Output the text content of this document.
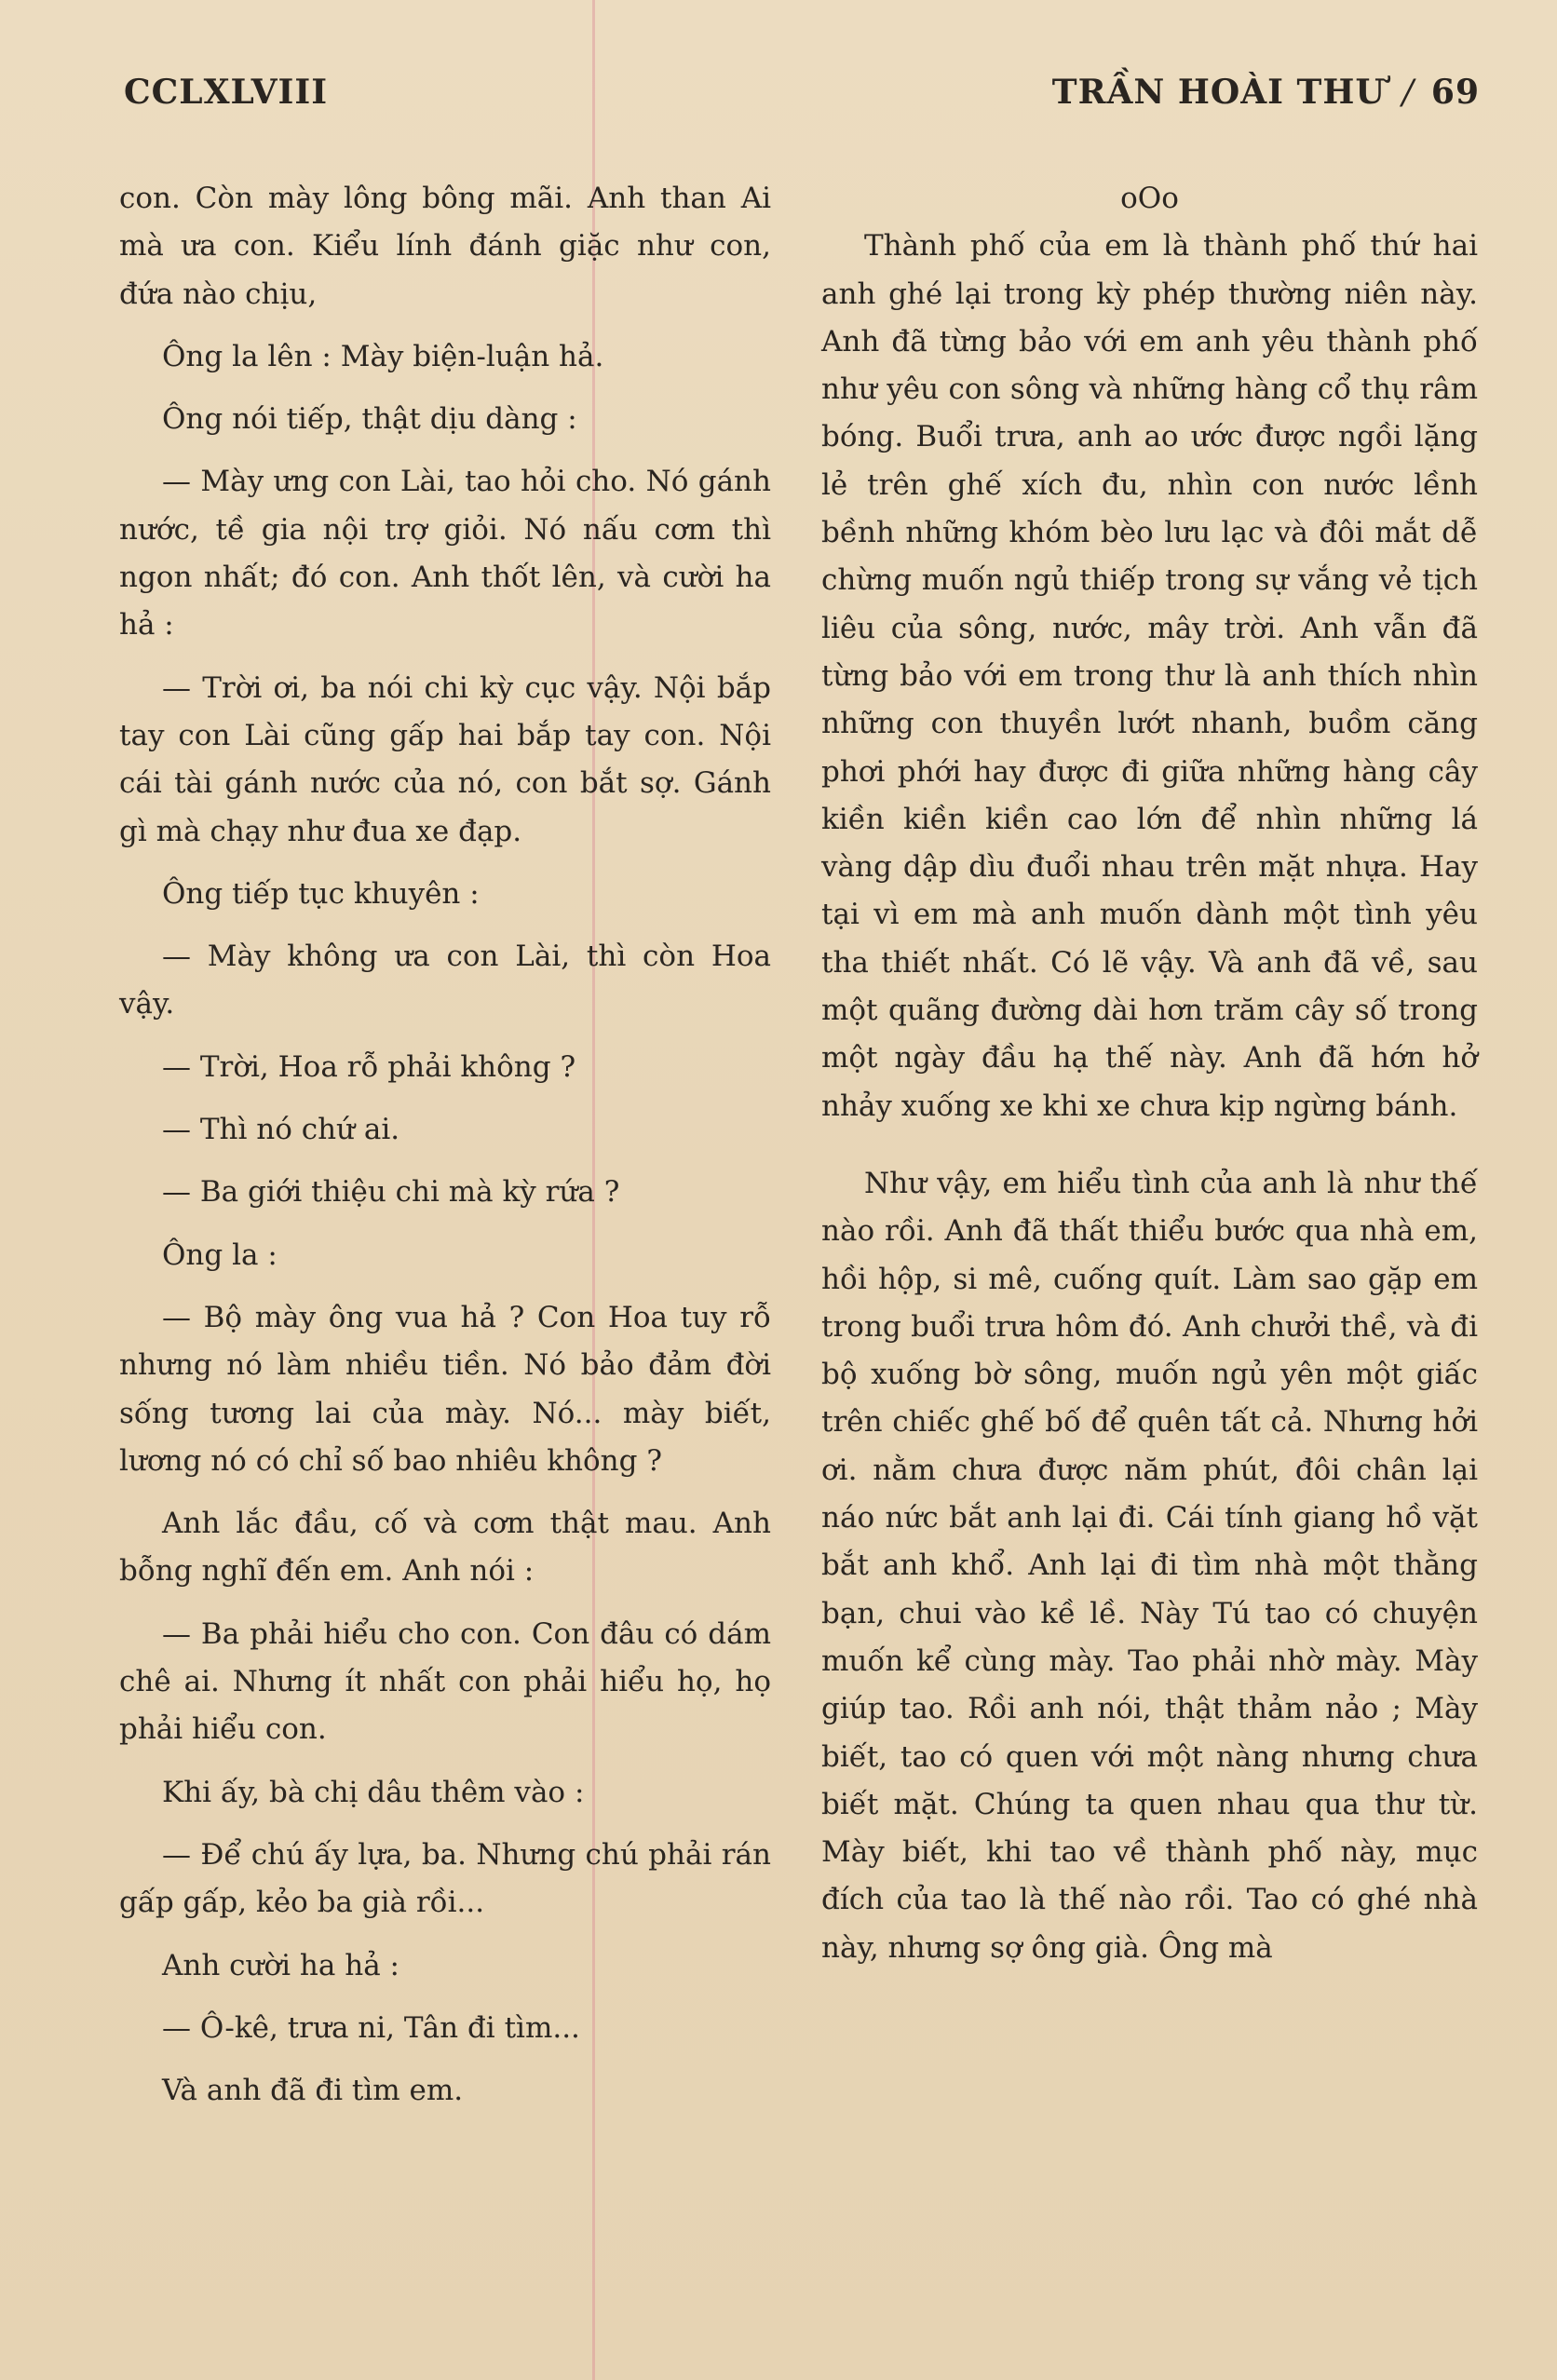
CCLXLVIII	TRẦN HOÀI THƯ / 69

con. Còn mày lông bông mãi. Anh than Ai mà ưa con. Kiểu lính đánh giặc như con, đứa nào chịu,

Ông la lên : Mày biện-luận hả.

Ông nói tiếp, thật dịu dàng :

— Mày ưng con Lài, tao hỏi cho. Nó gánh nước, tề gia nội trợ giỏi. Nó nấu cơm thì ngon nhất; đó con. Anh thốt lên, và cười ha hả :

— Trời ơi, ba nói chi kỳ cục vậy. Nội bắp tay con Lài cũng gấp hai bắp tay con. Nội cái tài gánh nước của nó, con bắt sợ. Gánh gì mà chạy như đua xe đạp.

Ông tiếp tục khuyên :

— Mày không ưa con Lài, thì còn Hoa vậy.

— Trời, Hoa rỗ phải không ?

— Thì nó chứ ai.

— Ba giới thiệu chi mà kỳ rứa ?

Ông la :

— Bộ mày ông vua hả ? Con Hoa tuy rỗ nhưng nó làm nhiều tiền. Nó bảo đảm đời sống tương lai của mày. Nó... mày biết, lương nó có chỉ số bao nhiêu không ?

Anh lắc đầu, cố và cơm thật mau. Anh bỗng nghĩ đến em. Anh nói :

— Ba phải hiểu cho con. Con đâu có dám chê ai. Nhưng ít nhất con phải hiểu họ, họ phải hiểu con.

Khi ấy, bà chị dâu thêm vào :

— Để chú ấy lựa, ba. Nhưng chú phải rán gấp gấp, kẻo ba già rồi...

Anh cười ha hả :

— Ô-kê, trưa ni, Tân đi tìm...

Và anh đã đi tìm em.

oOo

Thành phố của em là thành phố thứ hai anh ghé lại trong kỳ phép thường niên này. Anh đã từng bảo với em anh yêu thành phố như yêu con sông và những hàng cổ thụ râm bóng. Buổi trưa, anh ao ước được ngồi lặng lẻ trên ghế xích đu, nhìn con nước lềnh bềnh những khóm bèo lưu lạc và đôi mắt dễ chừng muốn ngủ thiếp trong sự vắng vẻ tịch liêu của sông, nước, mây trời. Anh vẫn đã từng bảo với em trong thư là anh thích nhìn những con thuyền lướt nhanh, buồm căng phơi phới hay được đi giữa những hàng cây kiền kiền kiền cao lớn để nhìn những lá vàng dập dìu đuổi nhau trên mặt nhựa. Hay tại vì em mà anh muốn dành một tình yêu tha thiết nhất. Có lẽ vậy. Và anh đã về, sau một quãng đường dài hơn trăm cây số trong một ngày đầu hạ thế này. Anh đã hớn hở nhảy xuống xe khi xe chưa kịp ngừng bánh.

Như vậy, em hiểu tình của anh là như thế nào rồi. Anh đã thất thiểu bước qua nhà em, hồi hộp, si mê, cuống quít. Làm sao gặp em trong buổi trưa hôm đó. Anh chưởi thề, và đi bộ xuống bờ sông, muốn ngủ yên một giấc trên chiếc ghế bố để quên tất cả. Nhưng hởi ơi. nằm chưa được năm phút, đôi chân lại náo nức bắt anh lại đi. Cái tính giang hồ vặt bắt anh khổ. Anh lại đi tìm nhà một thằng bạn, chui vào kề lề. Này Tú tao có chuyện muốn kể cùng mày. Tao phải nhờ mày. Mày giúp tao. Rồi anh nói, thật thảm nảo ; Mày biết, tao có quen với một nàng nhưng chưa biết mặt. Chúng ta quen nhau qua thư từ. Mày biết, khi tao về thành phố này, mục đích của tao là thế nào rồi. Tao có ghé nhà này, nhưng sợ ông già. Ông mà
